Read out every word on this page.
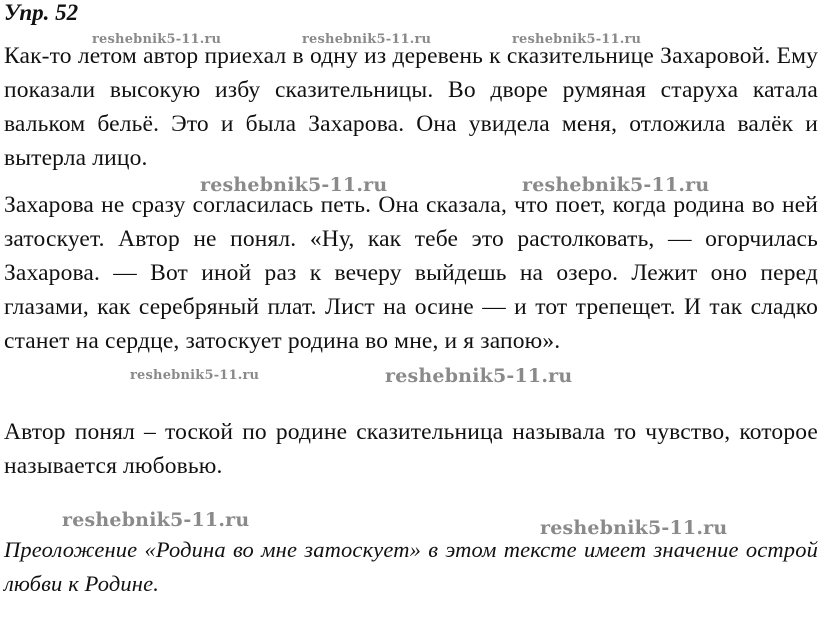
Упр. 52

Как-то летом автор приехал в одну из деревень к сказительнице Захаровой. Ему показали высокую избу сказительницы. Во дворе румяная старуха катала вальком бельё. Это и была Захарова. Она увидела меня, отложила валёк и вытерла лицо.

Захарова не сразу согласилась петь. Она сказала, что поет, когда родина во ней затоскует. Автор не понял. «Ну, как тебе это растолковать, — огорчилась Захарова. — Вот иной раз к вечеру выйдешь на озеро. Лежит оно перед глазами, как серебряный плат. Лист на осине — и тот трепещет. И так сладко станет на сердце, затоскует родина во мне, и я запою».

Автор понял – тоской по родине сказительница называла то чувство, которое называется любовью.

Преоложение «Родина во мне затоскует» в этом тексте имеет значение острой любви к Родине.

reshebnik5-11.ru	reshebnik5-11.ru	reshebnik5-11.ru
reshebnik5-11.ru	reshebnik5-11.ru
reshebnik5-11.ru	reshebnik5-11.ru
reshebnik5-11.ru	reshebnik5-11.ru
